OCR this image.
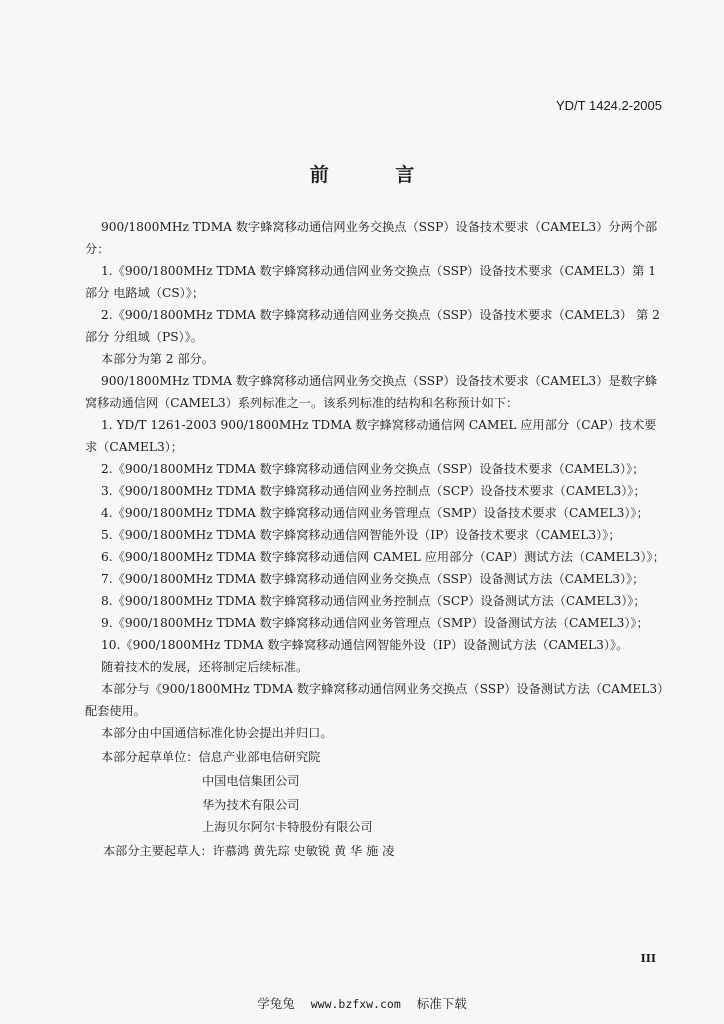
YD/T 1424.2-2005
前 言
900/1800MHz TDMA 数字蜂窝移动通信网业务交换点（SSP）设备技术要求（CAMEL3）分两个部
分：
1.《900/1800MHz TDMA 数字蜂窝移动通信网业务交换点（SSP）设备技术要求（CAMEL3）第 1
部分 电路域（CS）》；
2.《900/1800MHz TDMA 数字蜂窝移动通信网业务交换点（SSP）设备技术要求（CAMEL3） 第 2
部分 分组域（PS）》。
本部分为第 2 部分。
900/1800MHz TDMA 数字蜂窝移动通信网业务交换点（SSP）设备技术要求（CAMEL3）是数字蜂
窝移动通信网（CAMEL3）系列标准之一。该系列标准的结构和名称预计如下：
1. YD/T 1261-2003 900/1800MHz TDMA 数字蜂窝移动通信网 CAMEL 应用部分（CAP）技术要
求（CAMEL3）；
2.《900/1800MHz TDMA 数字蜂窝移动通信网业务交换点（SSP）设备技术要求（CAMEL3）》；
3.《900/1800MHz TDMA 数字蜂窝移动通信网业务控制点（SCP）设备技术要求（CAMEL3）》；
4.《900/1800MHz TDMA 数字蜂窝移动通信网业务管理点（SMP）设备技术要求（CAMEL3）》；
5.《900/1800MHz TDMA 数字蜂窝移动通信网智能外设（IP）设备技术要求（CAMEL3）》；
6.《900/1800MHz TDMA 数字蜂窝移动通信网 CAMEL 应用部分（CAP）测试方法（CAMEL3）》；
7.《900/1800MHz TDMA 数字蜂窝移动通信网业务交换点（SSP）设备测试方法（CAMEL3）》；
8.《900/1800MHz TDMA 数字蜂窝移动通信网业务控制点（SCP）设备测试方法（CAMEL3）》；
9.《900/1800MHz TDMA 数字蜂窝移动通信网业务管理点（SMP）设备测试方法（CAMEL3）》；
10.《900/1800MHz TDMA 数字蜂窝移动通信网智能外设（IP）设备测试方法（CAMEL3）》。
随着技术的发展，还将制定后续标准。
本部分与《900/1800MHz TDMA 数字蜂窝移动通信网业务交换点（SSP）设备测试方法（CAMEL3）
配套使用。
本部分由中国通信标准化协会提出并归口。
本部分起草单位：信息产业部电信研究院
中国电信集团公司
华为技术有限公司
上海贝尔阿尔卡特股份有限公司
本部分主要起草人：许慕鸿 黄先琮 史敏锐 黄 华 施 凌
III
学兔兔 www.bzfxw.com 标准下载
